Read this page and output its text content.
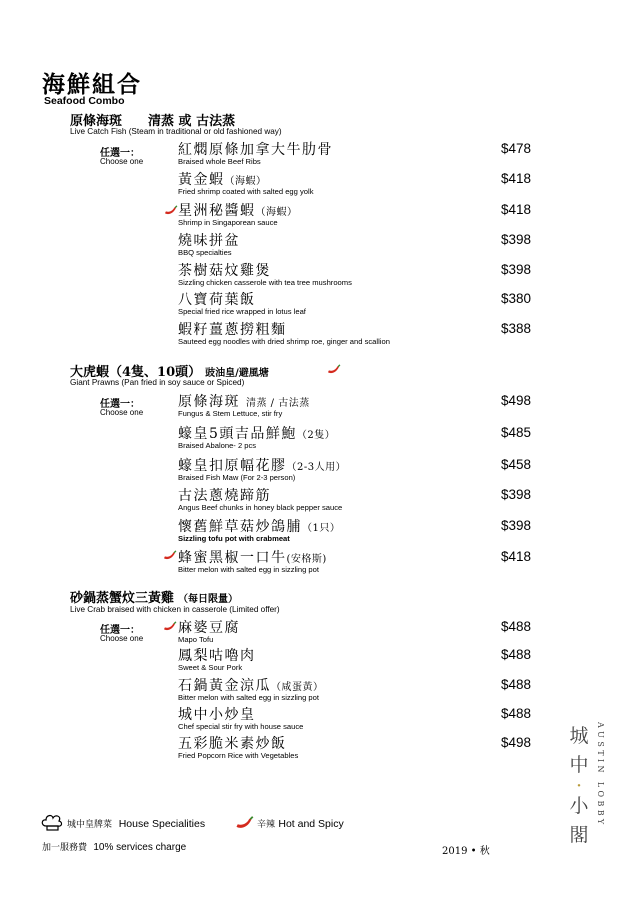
海鮮組合
Seafood Combo
原條海斑 清蒸 或 古法蒸
Live Catch Fish (Steam in traditional or old fashioned way)
任選一：
Choose one
紅燜原條加拿大牛肋骨
Braised whole Beef Ribs
$478
黃金蝦（海蝦）
Fried shrimp coated with salted egg yolk
$418
星洲秘醬蝦（海蝦）
Shrimp in Singaporean sauce
$418
燒味拼盆
BBQ specialties
$398
茶樹菇炆雞煲
Sizzling chicken casserole with tea tree mushrooms
$398
八寶荷葉飯
Special fried rice wrapped in lotus leaf
$380
蝦籽薑蔥撈粗麵
Sauteed egg noodles with dried shrimp roe, ginger and scallion
$388
大虎蝦（4隻、10頭） 豉油皇/避風塘
Giant Prawns (Pan fried in soy sauce or Spiced)
任選一：
Choose one
原條海斑 清蒸 / 古法蒸
Fungus & Stem Lettuce, stir fry
$498
蠔皇5頭吉品鮮鮑（2隻）
Braised Abalone- 2 pcs
$485
蠔皇扣原幅花膠（2-3人用）
Braised Fish Maw (For 2-3 person)
$458
古法蔥燒蹄筋
Angus Beef chunks in honey black pepper sauce
$398
懷舊鮮草菇炒鴿脯（1只）
Sizzling tofu pot with crabmeat
$398
蜂蜜黑椒一口牛(安格斯)
Bitter melon with salted egg in sizzling pot
$418
砂鍋蒸蟹炆三黃雞 （每日限量）
Live Crab braised with chicken in casserole (Limited offer)
任選一：
Choose one
麻婆豆腐
Mapo Tofu
$488
鳳梨咕嚕肉
Sweet & Sour Pork
$488
石鍋黃金涼瓜（咸蛋黃）
Bitter melon with salted egg in sizzling pot
$488
城中小炒皇
Chef special stir fry with house sauce
$488
五彩脆米素炒飯
Fried Popcorn Rice with Vegetables
$498 城
中
·
小
閣
AUSTIN LOBBY
城中皇牌菜 House Specialities	辛辣 Hot and Spicy
加一服務費 10% services charge	2019 • 秋
